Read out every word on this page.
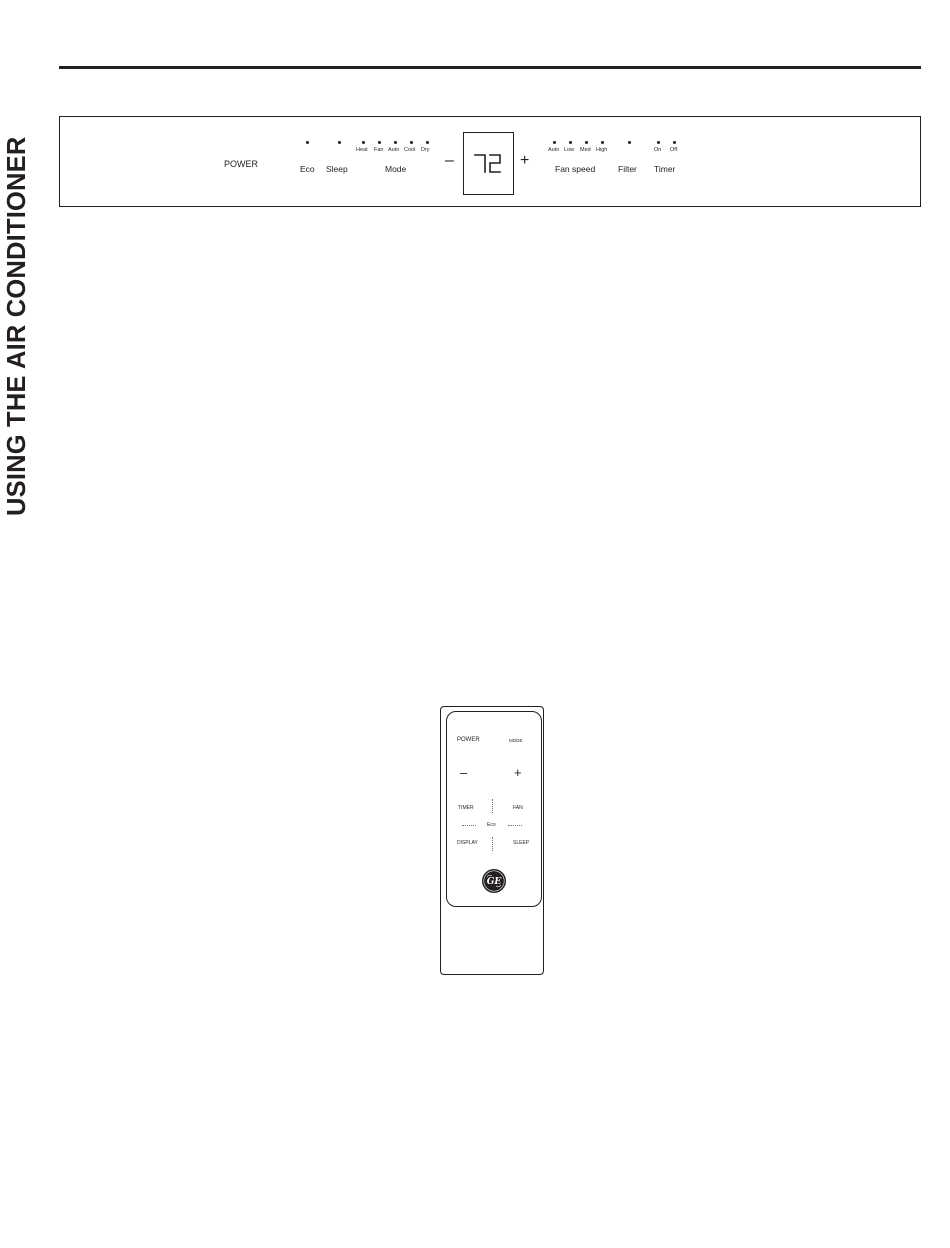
USING THE AIR CONDITIONER	POWER	Eco Sleep
Heat Fan Auto Cool Dry
Mode –	+
Auto Low Med High
Fan speed	Filter
On Off
Timer
POWER	MODE
–	+
TIMER	FAN
Eco
DISPLAY	SLEEP
GE
